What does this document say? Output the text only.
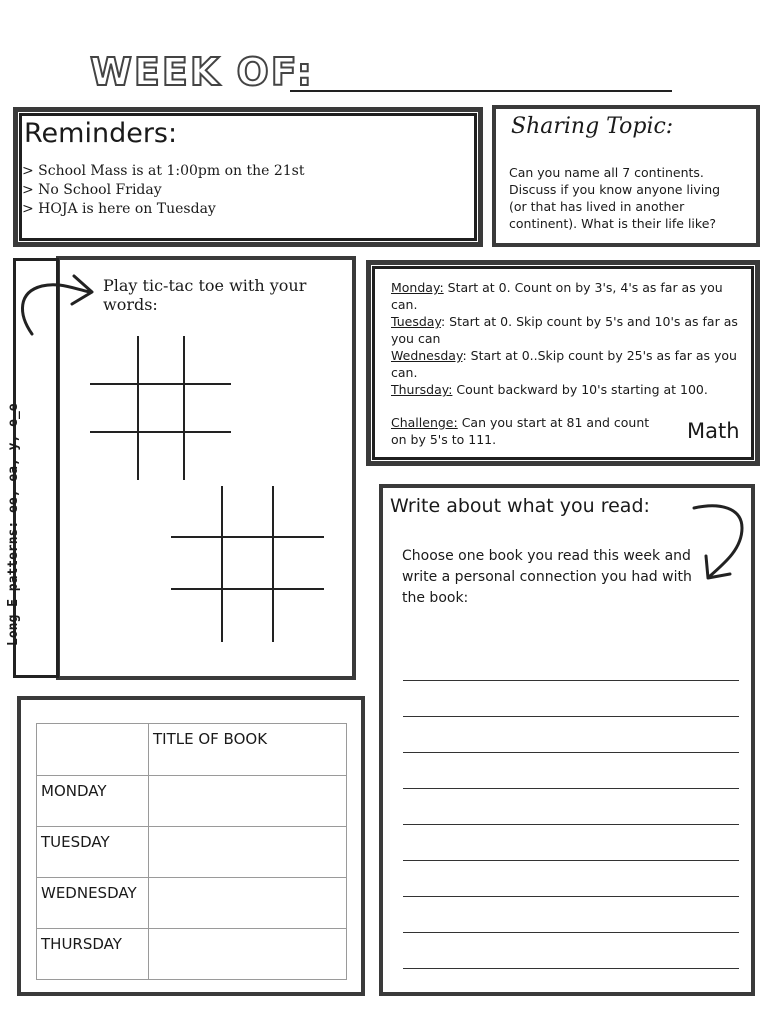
WEEK OF:
Reminders:
> School Mass is at 1:00pm on the 21st
> No School Friday
> HOJA is here on Tuesday
Sharing Topic:
Can you name all 7 continents. Discuss if you know anyone living (or that has lived in another continent). What is their life like?
Long E patterns: ee, ea, y, e_e
Play tic-tac toe with your words:

Monday: Start at 0. Count on by 3's, 4's as far as you can.

Tuesday: Start at 0. Skip count by 5's and 10's as far as you can

Wednesday: Start at 0..Skip count by 25's as far as you can.

Thursday: Count backward by 10's starting at 100.

Challenge: Can you start at 81 and count on by 5's to 111.	Math
Write about what you read:
Choose one book you read this week and write a personal connection you had with the book:
	TITLE OF BOOK
MONDAY	
TUESDAY	
WEDNESDAY	
THURSDAY	
